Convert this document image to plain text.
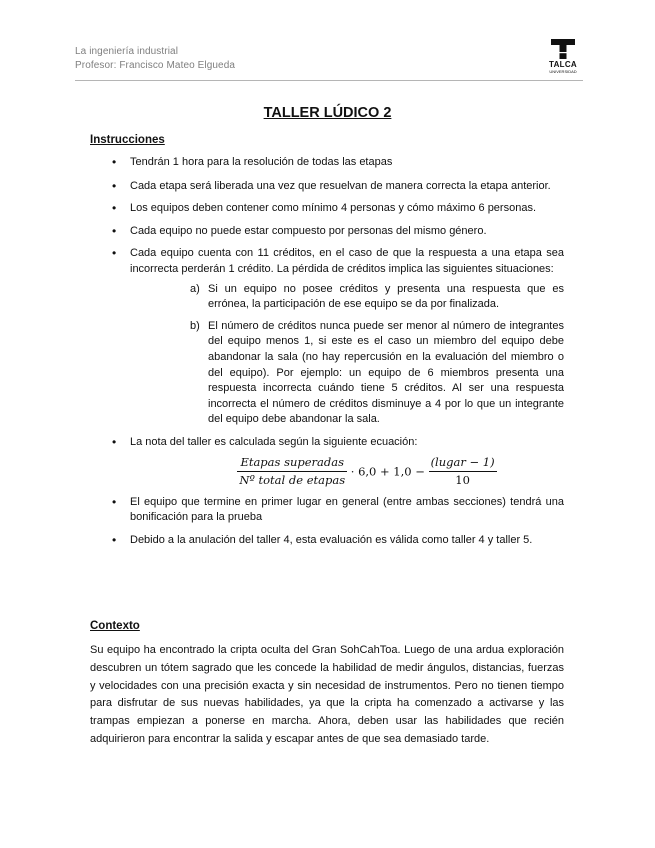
La ingeniería industrial
Profesor: Francisco Mateo Elgueda	TALCA
UNIVERSIDAD
TALLER LÚDICO 2
Instrucciones
• Tendrán 1 hora para la resolución de todas las etapas
• Cada etapa será liberada una vez que resuelvan de manera correcta la etapa anterior.
• Los equipos deben contener como mínimo 4 personas y cómo máximo 6 personas.
• Cada equipo no puede estar compuesto por personas del mismo género.
• Cada equipo cuenta con 11 créditos, en el caso de que la respuesta a una etapa sea incorrecta perderán 1 crédito. La pérdida de créditos implica las siguientes situaciones:
a) Si un equipo no posee créditos y presenta una respuesta que es errónea, la participación de ese equipo se da por finalizada.
b) El número de créditos nunca puede ser menor al número de integrantes del equipo menos 1, si este es el caso un miembro del equipo debe abandonar la sala (no hay repercusión en la evaluación del miembro o del equipo). Por ejemplo: un equipo de 6 miembros presenta una respuesta incorrecta cuándo tiene 5 créditos. Al ser una respuesta incorrecta el número de créditos disminuye a 4 por lo que un integrante del equipo debe abandonar la sala.
• La nota del taller es calculada según la siguiente ecuación:
$\frac{\text{Etapas superadas}}{\text{Nº total de etapas}} \cdot 6,0 + 1,0 - \frac{\text{(lugar − 1)}}{10}$
• El equipo que termine en primer lugar en general (entre ambas secciones) tendrá una bonificación para la prueba
• Debido a la anulación del taller 4, esta evaluación es válida como taller 4 y taller 5.
Contexto
Su equipo ha encontrado la cripta oculta del Gran SohCahToa. Luego de una ardua exploración descubren un tótem sagrado que les concede la habilidad de medir ángulos, distancias, fuerzas y velocidades con una precisión exacta y sin necesidad de instrumentos. Pero no tienen tiempo para disfrutar de sus nuevas habilidades, ya que la cripta ha comenzado a activarse y las trampas empiezan a ponerse en marcha. Ahora, deben usar las habilidades que recién adquirieron para encontrar la salida y escapar antes de que sea demasiado tarde.
